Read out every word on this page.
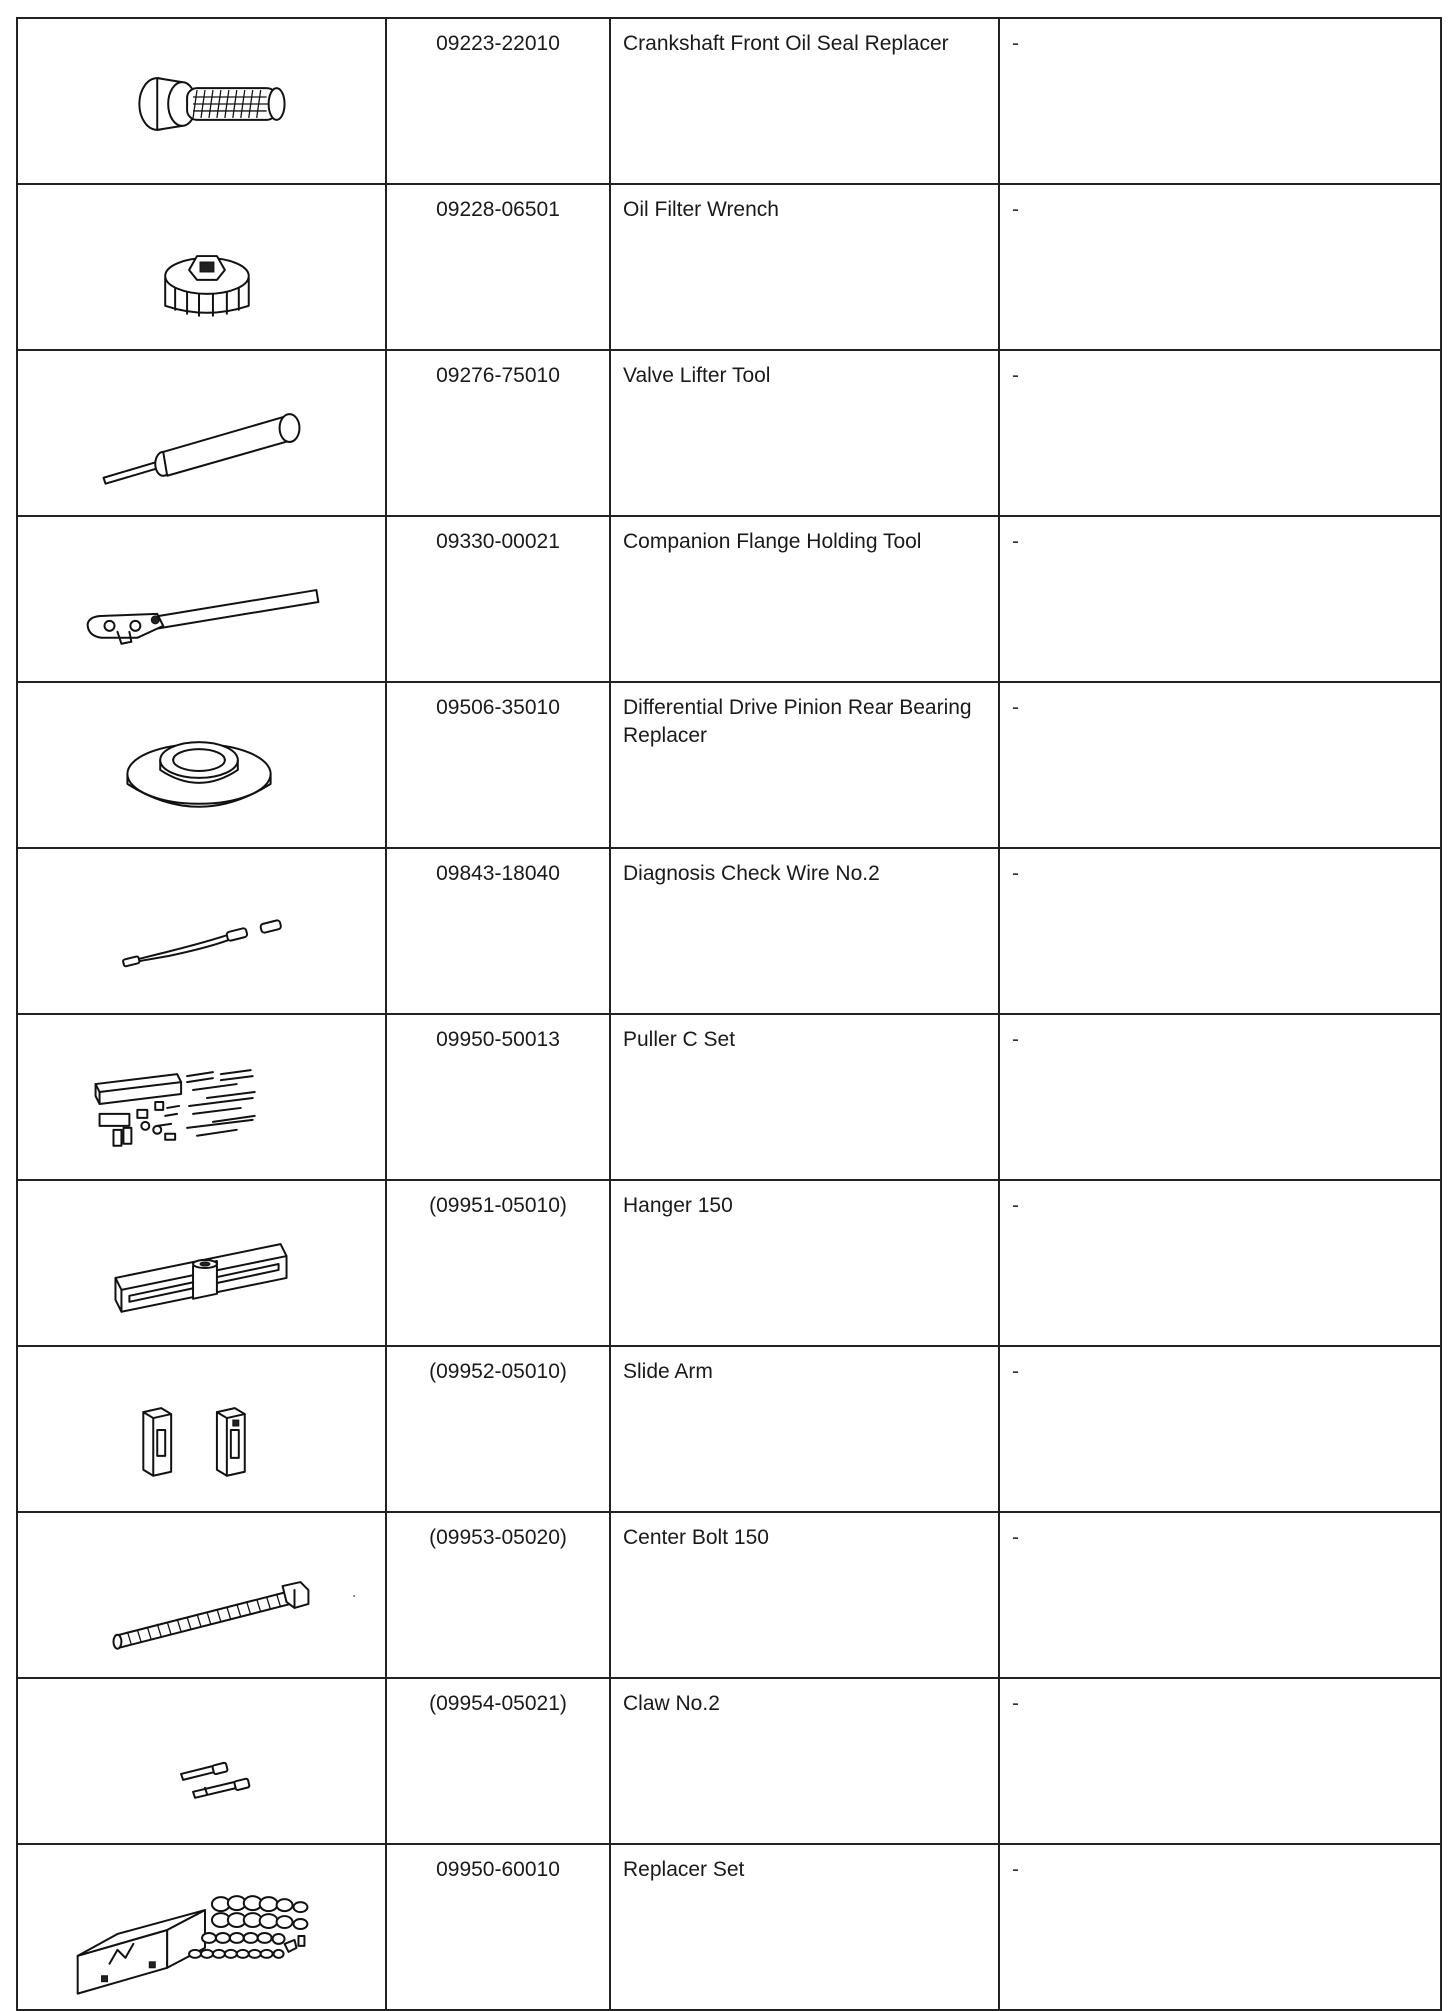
	09223-22010	Crankshaft Front Oil Seal Replacer	-

	09228-06501	Oil Filter Wrench	-

	09276-75010	Valve Lifter Tool	-

	09330-00021	Companion Flange Holding Tool	-

	09506-35010	Differential Drive Pinion Rear Bearing Replacer	-

	09843-18040	Diagnosis Check Wire No.2	-

	09950-50013	Puller C Set	-

	(09951-05010)	Hanger 150	-

	(09952-05010)	Slide Arm	-

	(09953-05020)	Center Bolt 150	-

	(09954-05021)	Claw No.2	-

	09950-60010	Replacer Set	-
